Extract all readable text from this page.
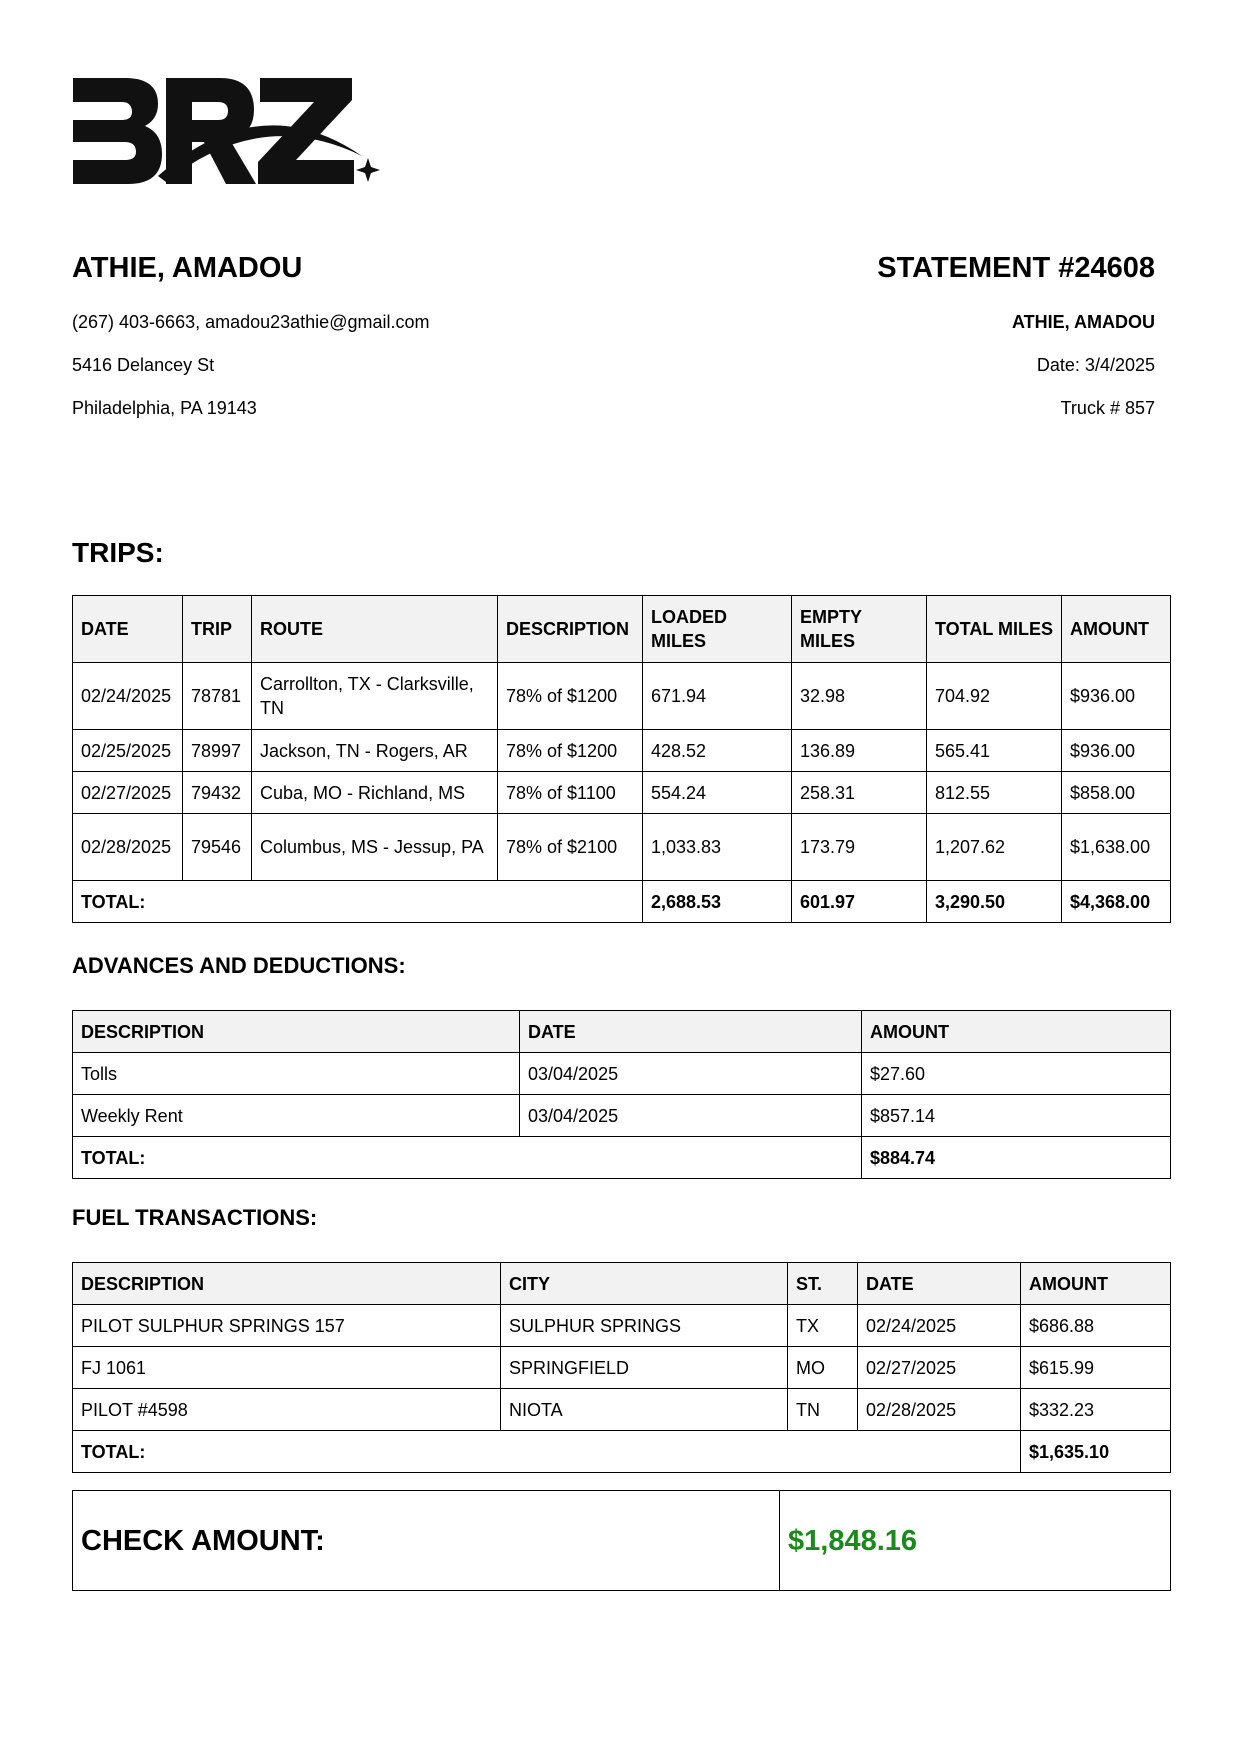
ATHIE, AMADOU	STATEMENT #24608
(267) 403-6663, amadou23athie@gmail.com
5416 Delancey St
Philadelphia, PA 19143
ATHIE, AMADOU
Date: 3/4/2025
Truck # 857
TRIPS:
DATE	TRIP	ROUTE	DESCRIPTION	LOADED MILES	EMPTY MILES	TOTAL MILES	AMOUNT
02/24/2025	78781	Carrollton, TX - Clarksville, TN	78% of $1200	671.94	32.98	704.92	$936.00
02/25/2025	78997	Jackson, TN - Rogers, AR	78% of $1200	428.52	136.89	565.41	$936.00
02/27/2025	79432	Cuba, MO - Richland, MS	78% of $1100	554.24	258.31	812.55	$858.00
02/28/2025	79546	Columbus, MS - Jessup, PA	78% of $2100	1,033.83	173.79	1,207.62	$1,638.00
TOTAL:				2,688.53	601.97	3,290.50	$4,368.00
ADVANCES AND DEDUCTIONS:
DESCRIPTION	DATE	AMOUNT
Tolls	03/04/2025	$27.60
Weekly Rent	03/04/2025	$857.14
TOTAL:		$884.74
FUEL TRANSACTIONS:
DESCRIPTION	CITY	ST.	DATE	AMOUNT
PILOT SULPHUR SPRINGS 157	SULPHUR SPRINGS	TX	02/24/2025	$686.88
FJ 1061	SPRINGFIELD	MO	02/27/2025	$615.99
PILOT #4598	NIOTA	TN	02/28/2025	$332.23
TOTAL:				$1,635.10
CHECK AMOUNT:	$1,848.16
